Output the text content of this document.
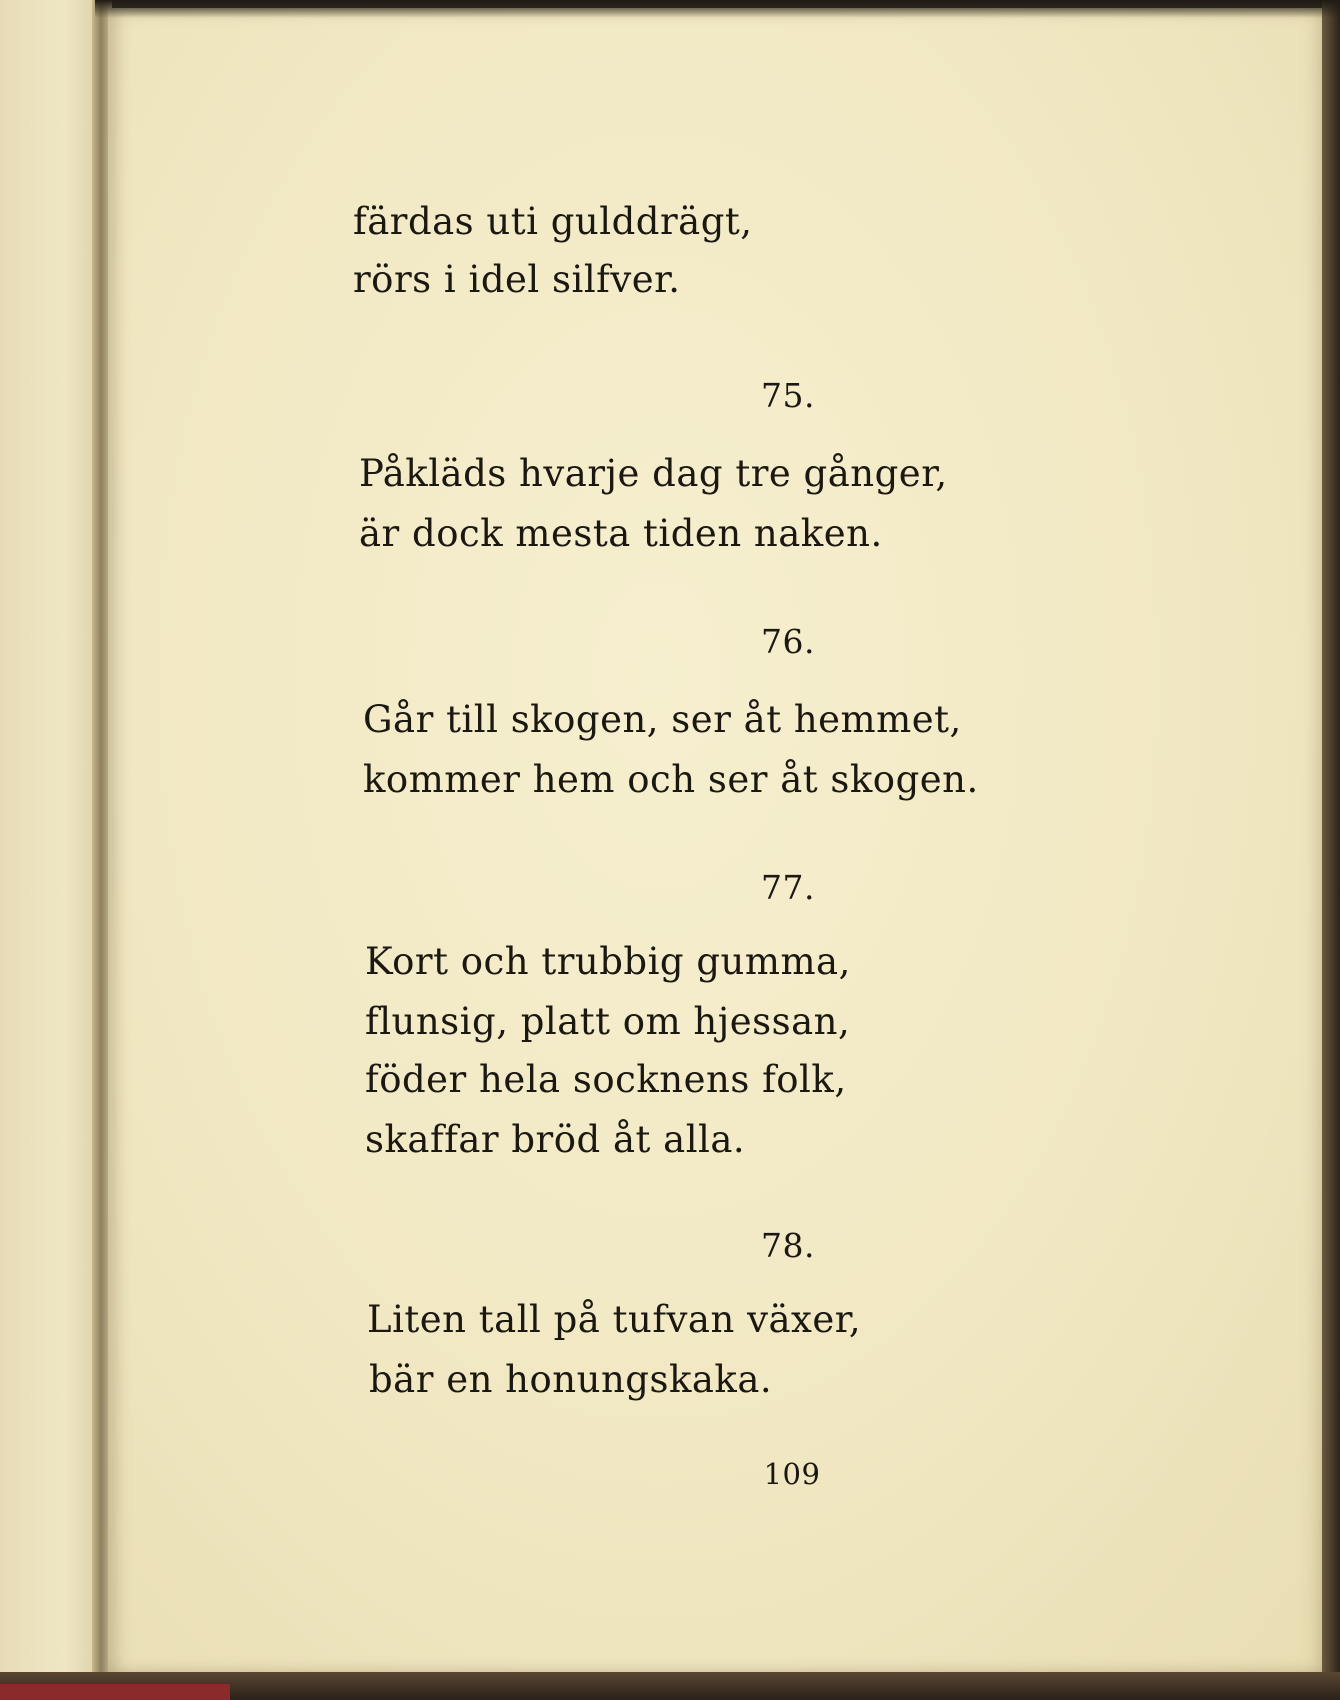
färdas uti gulddrägt,
rörs i idel silfver.
75.
Påkläds hvarje dag tre gånger,
är dock mesta tiden naken.
76.
Går till skogen, ser åt hemmet,
kommer hem och ser åt skogen.
77.
Kort och trubbig gumma,
flunsig, platt om hjessan,
föder hela socknens folk,
skaffar bröd åt alla.
78.
Liten tall på tufvan växer,
bär en honungskaka.
109
